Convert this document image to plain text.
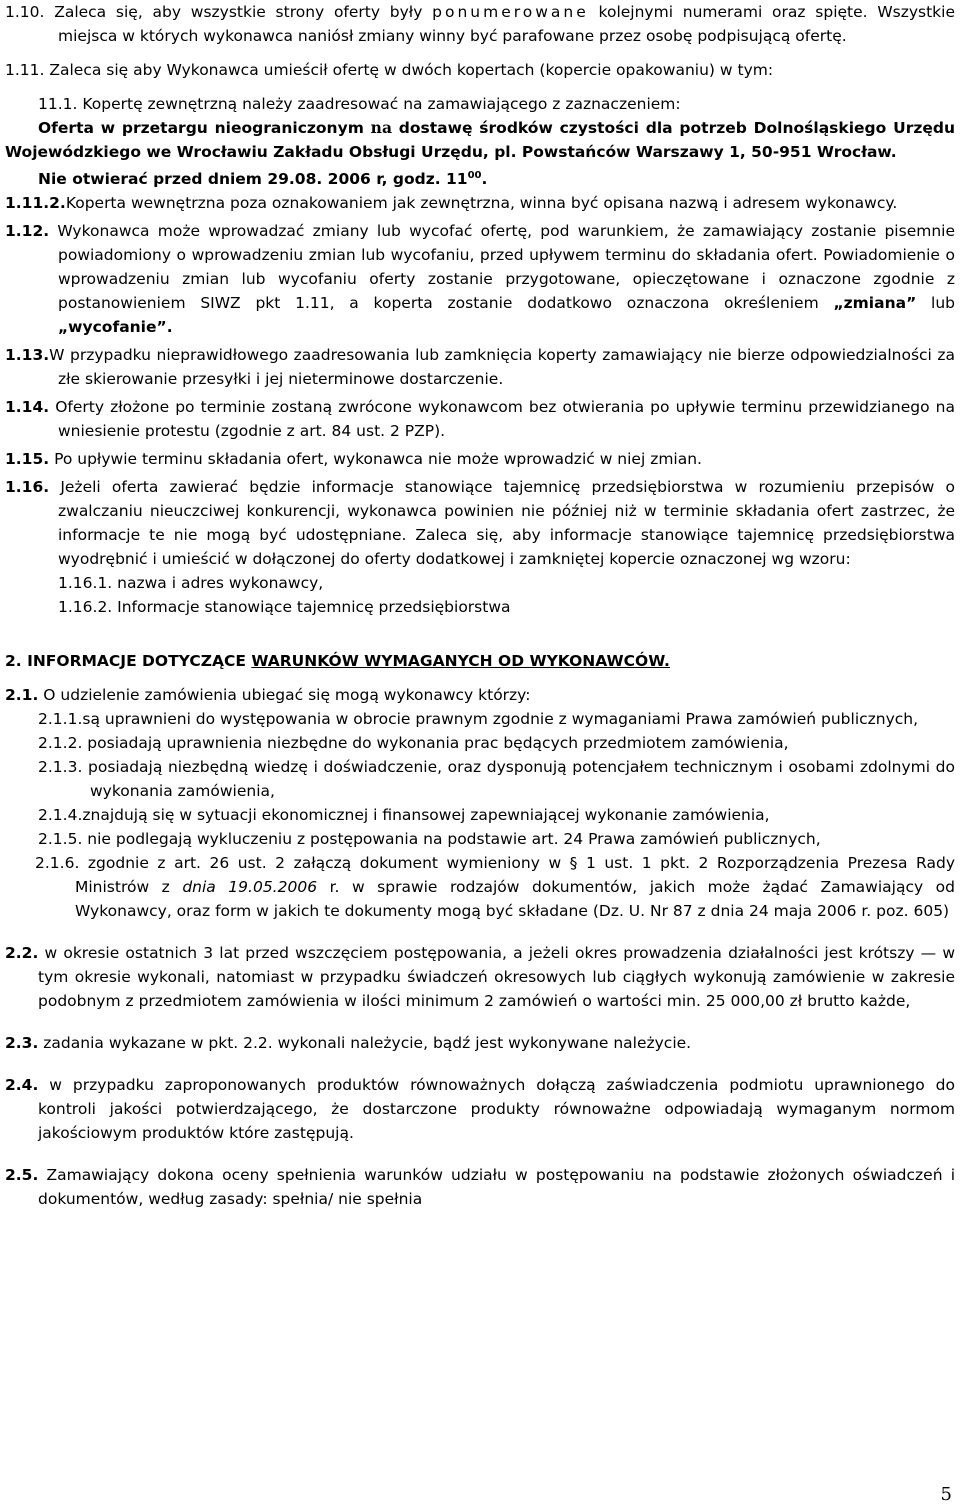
1.10. Zaleca się, aby wszystkie strony oferty były ponumerowane kolejnymi numerami oraz spięte. Wszystkie miejsca w których wykonawca naniósł zmiany winny być parafowane przez osobę podpisującą ofertę.

1.11. Zaleca się aby Wykonawca umieścił ofertę w dwóch kopertach (kopercie opakowaniu) w tym:

11.1. Kopertę zewnętrzną należy zaadresować na zamawiającego z zaznaczeniem:

Oferta w przetargu nieograniczonym na dostawę środków czystości dla potrzeb Dolnośląskiego Urzędu Wojewódzkiego we Wrocławiu Zakładu Obsługi Urzędu, pl. Powstańców Warszawy 1, 50-951 Wrocław.

Nie otwierać przed dniem 29.08. 2006 r, godz. $11^{00}$.

1.11.2.Koperta wewnętrzna poza oznakowaniem jak zewnętrzna, winna być opisana nazwą i adresem wykonawcy.

1.12. Wykonawca może wprowadzać zmiany lub wycofać ofertę, pod warunkiem, że zamawiający zostanie pisemnie powiadomiony o wprowadzeniu zmian lub wycofaniu, przed upływem terminu do składania ofert. Powiadomienie o wprowadzeniu zmian lub wycofaniu oferty zostanie przygotowane, opieczętowane i oznaczone zgodnie z postanowieniem SIWZ pkt 1.11, a koperta zostanie dodatkowo oznaczona określeniem „zmiana” lub „wycofanie”.

1.13.W przypadku nieprawidłowego zaadresowania lub zamknięcia koperty zamawiający nie bierze odpowiedzialności za złe skierowanie przesyłki i jej nieterminowe dostarczenie.

1.14. Oferty złożone po terminie zostaną zwrócone wykonawcom bez otwierania po upływie terminu przewidzianego na wniesienie protestu (zgodnie z art. 84 ust. 2 PZP).

1.15. Po upływie terminu składania ofert, wykonawca nie może wprowadzić w niej zmian.

1.16. Jeżeli oferta zawierać będzie informacje stanowiące tajemnicę przedsiębiorstwa w rozumieniu przepisów o zwalczaniu nieuczciwej konkurencji, wykonawca powinien nie później niż w terminie składania ofert zastrzec, że informacje te nie mogą być udostępniane. Zaleca się, aby informacje stanowiące tajemnicę przedsiębiorstwa wyodrębnić i umieścić w dołączonej do oferty dodatkowej i zamkniętej kopercie oznaczonej wg wzoru:

1.16.1. nazwa i adres wykonawcy,

1.16.2. Informacje stanowiące tajemnicę przedsiębiorstwa

2. INFORMACJE DOTYCZĄCE WARUNKÓW WYMAGANYCH OD WYKONAWCÓW.

2.1. O udzielenie zamówienia ubiegać się mogą wykonawcy którzy:

2.1.1.są uprawnieni do występowania w obrocie prawnym zgodnie z wymaganiami Prawa zamówień publicznych,

2.1.2. posiadają uprawnienia niezbędne do wykonania prac będących przedmiotem zamówienia,

2.1.3. posiadają niezbędną wiedzę i doświadczenie, oraz dysponują potencjałem technicznym i osobami zdolnymi do wykonania zamówienia,

2.1.4.znajdują się w sytuacji ekonomicznej i finansowej zapewniającej wykonanie zamówienia,

2.1.5. nie podlegają wykluczeniu z postępowania na podstawie art. 24 Prawa zamówień publicznych,

2.1.6. zgodnie z art. 26 ust. 2 załączą dokument wymieniony w § 1 ust. 1 pkt. 2 Rozporządzenia Prezesa Rady Ministrów z dnia 19.05.2006 r. w sprawie rodzajów dokumentów, jakich może żądać Zamawiający od Wykonawcy, oraz form w jakich te dokumenty mogą być składane (Dz. U. Nr 87 z dnia 24 maja 2006 r. poz. 605)

2.2. w okresie ostatnich 3 lat przed wszczęciem postępowania, a jeżeli okres prowadzenia działalności jest krótszy — w tym okresie wykonali, natomiast w przypadku świadczeń okresowych lub ciągłych wykonują zamówienie w zakresie podobnym z przedmiotem zamówienia w ilości minimum 2 zamówień o wartości min. 25 000,00 zł brutto każde,

2.3. zadania wykazane w pkt. 2.2. wykonali należycie, bądź jest wykonywane należycie.

2.4. w przypadku zaproponowanych produktów równoważnych dołączą zaświadczenia podmiotu uprawnionego do kontroli jakości potwierdzającego, że dostarczone produkty równoważne odpowiadają wymaganym normom jakościowym produktów które zastępują.

2.5. Zamawiający dokona oceny spełnienia warunków udziału w postępowaniu na podstawie złożonych oświadczeń i dokumentów, według zasady: spełnia/ nie spełnia

5
